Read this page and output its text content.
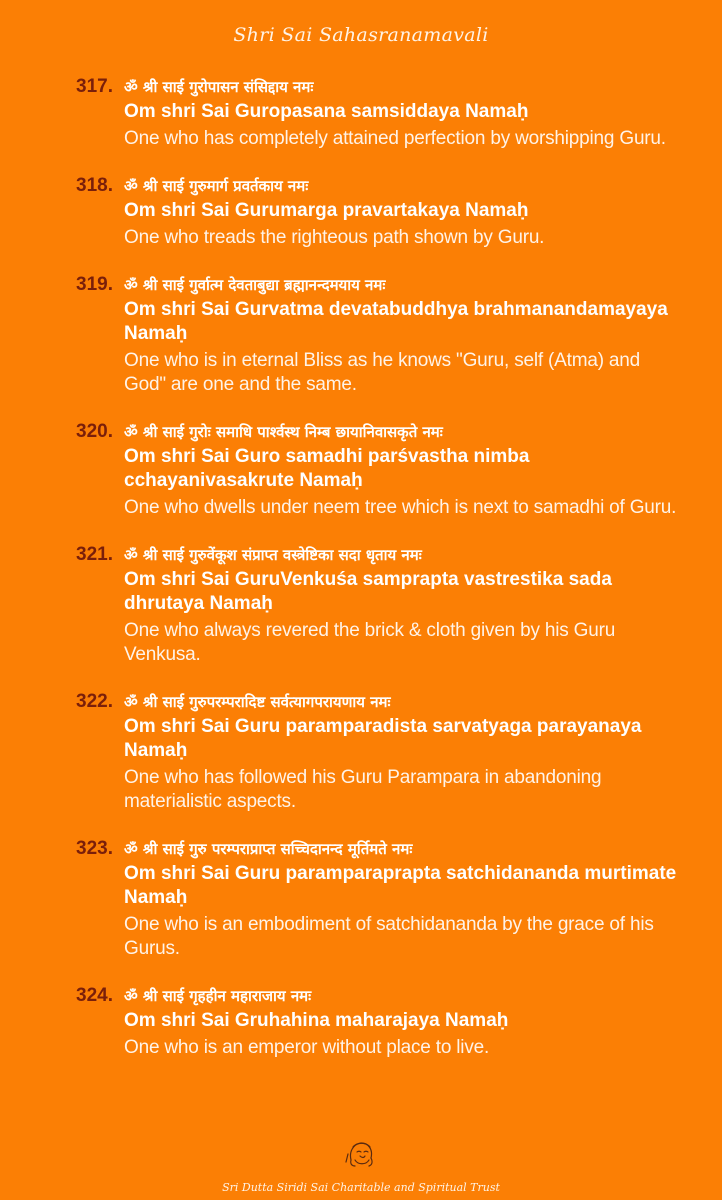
Shri Sai Sahasranamavali
317. ॐ श्री साई गुरोपासन संसिद्दाय नमः
Om shri Sai Guropasana samsiddaya Namaḥ
One who has completely attained perfection by worshipping Guru.
318. ॐ श्री साई गुरुमार्ग प्रवर्तकाय नमः
Om shri Sai Gurumarga pravartakaya Namaḥ
One who treads the righteous path shown by Guru.
319. ॐ श्री साई गुर्वात्म देवताबुद्या ब्रह्मानन्दमयाय नमः
Om shri Sai Gurvatma devatabuddhya brahmanandamayaya Namaḥ
One who is in eternal Bliss as he knows "Guru, self (Atma) and God" are one and the same.
320. ॐ श्री साई गुरोः समाधि पार्श्वस्थ निम्ब छायानिवासकृते नमः
Om shri Sai Guro samadhi parśvastha nimba cchayanivasakrute Namaḥ
One who dwells under neem tree which is next to samadhi of Guru.
321. ॐ श्री साई गुरुवेंकूश संप्राप्त वस्त्रेष्टिका सदा धृताय नमः
Om shri Sai GuruVenkuśa samprapta vastrestika sada dhrutaya Namaḥ
One who always revered the brick & cloth given by his Guru Venkusa.
322. ॐ श्री साई गुरुपरम्परादिष्ट सर्वत्यागपरायणाय नमः
Om shri Sai Guru paramparadista sarvatyaga parayanaya Namaḥ
One who has followed his Guru Parampara in abandoning materialistic aspects.
323. ॐ श्री साई गुरु परम्पराप्राप्त सच्चिदानन्द मूर्तिमते नमः
Om shri Sai Guru paramparaprapta satchidananda murtimate Namaḥ
One who is an embodiment of satchidananda by the grace of his Gurus.
324. ॐ श्री साई गृहहीन महाराजाय नमः
Om shri Sai Gruhahina maharajaya Namaḥ
One who is an emperor without place to live.
Sri Dutta Siridi Sai Charitable and Spiritual Trust
